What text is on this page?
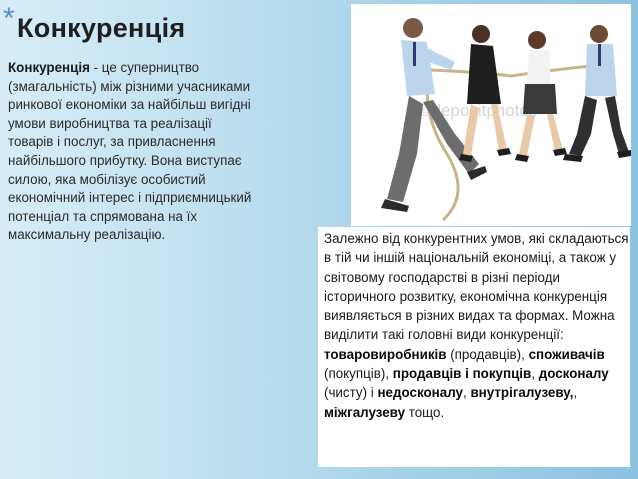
* Конкуренція
Конкуренція - це суперництво (змагальність) між різними учасниками ринкової економіки за найбільш вигідні умови виробництва та реалізації товарів і послуг, за привласнення найбільшого прибутку. Вона виступає силою, яка мобілізує особистий економічний інтерес і підприємницький потенціал та спрямована на їх максимальну реалізацію.	Залежно від конкурентних умов, які складаються в тій чи іншій національній економіці, а також у світовому господарстві в різні періоди історичного розвитку, економічна конкуренція виявляється в різних видах та формах. Можна виділити такі головні види конкуренції: товаровиробників (продавців), споживачів (покупців), продавців і покупців, досконалу (чисту) і недосконалу, внутрігалузеву,, міжгалузеву тощо.
